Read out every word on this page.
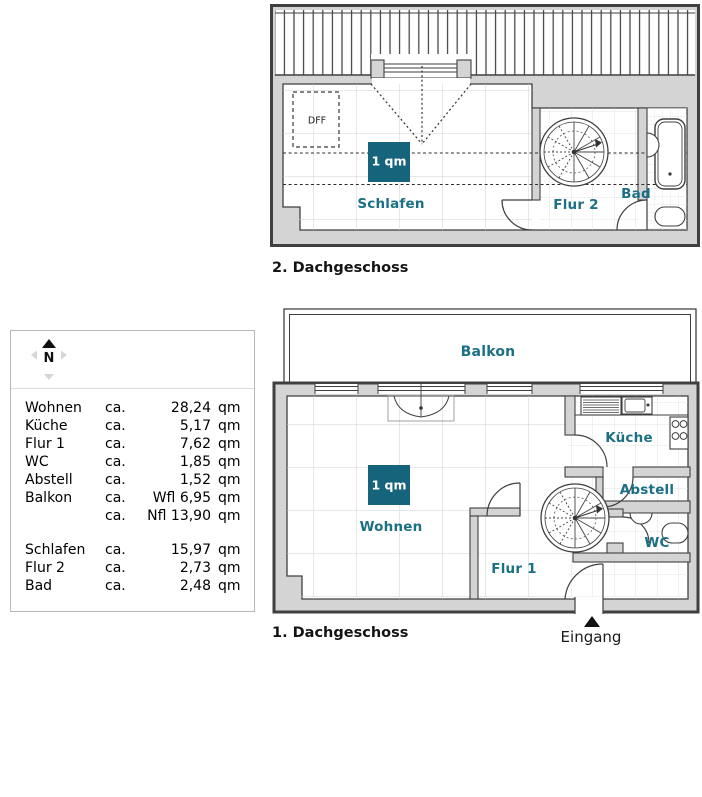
DFF
1 qm
Schlafen	Flur 2
Bad
2. Dachgeschoss
Balkon
1 qm
Wohnen
Küche
Abstell
WC
Flur 1
1. Dachgeschoss	Eingang
N
Wohnen	ca.	28,24 qm
Küche	ca.	5,17 qm
Flur 1	ca.	7,62 qm
WC	ca.	1,85 qm
Abstell	ca.	1,52 qm
Balkon	ca.	Wfl 6,95 qm
ca.	Nfl 13,90 qm
Schlafen	ca.	15,97 qm
Flur 2	ca.	2,73 qm
Bad	ca.	2,48 qm
